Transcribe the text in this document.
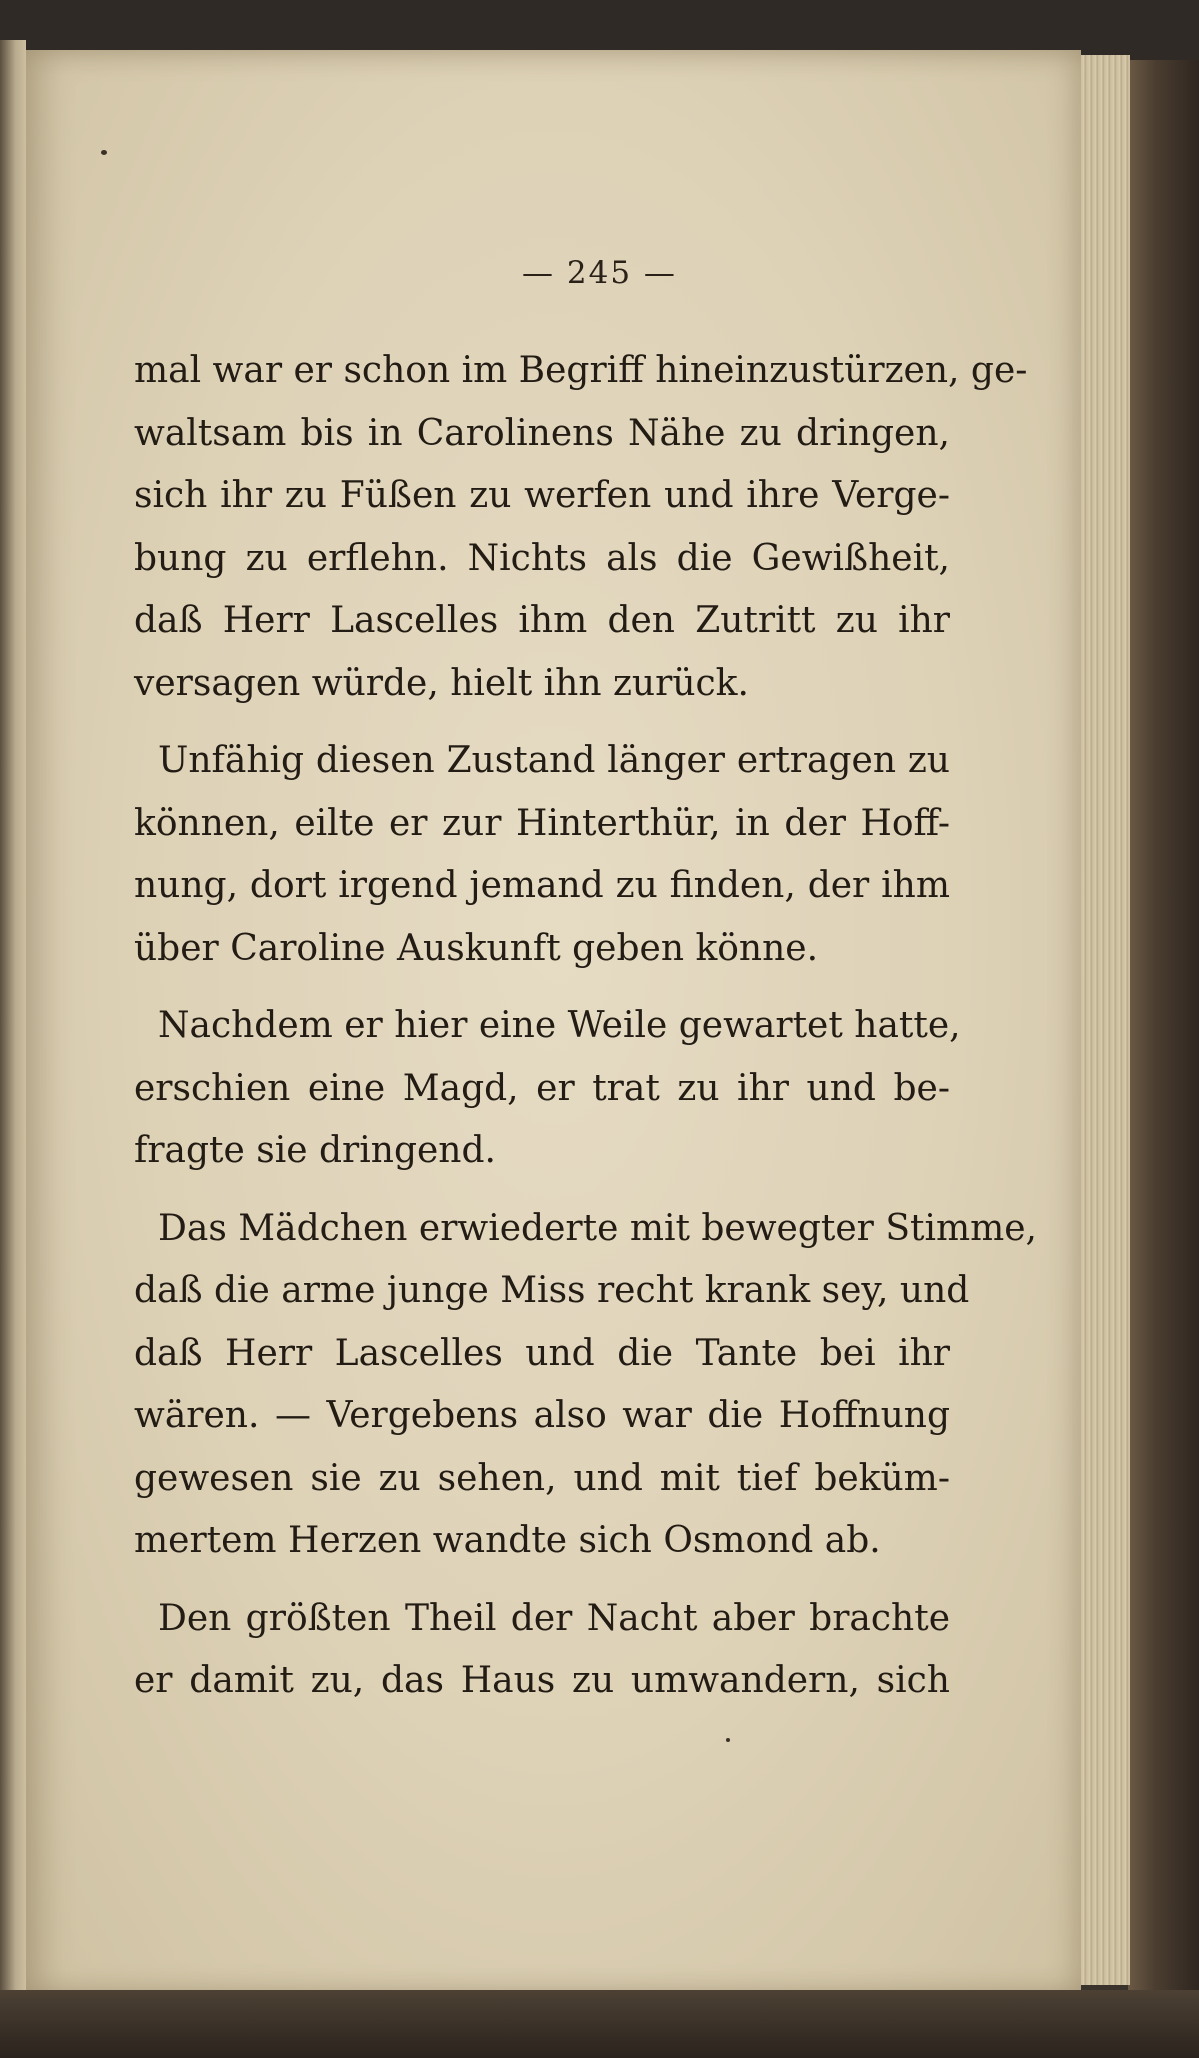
— 245 —
mal war er schon im Begriff hineinzustürzen, ge-
waltsam bis in Carolinens Nähe zu dringen,
sich ihr zu Füßen zu werfen und ihre Verge-
bung zu erflehn. Nichts als die Gewißheit,
daß Herr Lascelles ihm den Zutritt zu ihr
versagen würde, hielt ihn zurück.
Unfähig diesen Zustand länger ertragen zu
können, eilte er zur Hinterthür, in der Hoff-
nung, dort irgend jemand zu finden, der ihm
über Caroline Auskunft geben könne.
Nachdem er hier eine Weile gewartet hatte,
erschien eine Magd, er trat zu ihr und be-
fragte sie dringend.
Das Mädchen erwiederte mit bewegter Stimme,
daß die arme junge Miss recht krank sey, und
daß Herr Lascelles und die Tante bei ihr
wären. — Vergebens also war die Hoffnung
gewesen sie zu sehen, und mit tief beküm-
mertem Herzen wandte sich Osmond ab.
Den größten Theil der Nacht aber brachte
er damit zu, das Haus zu umwandern, sich
